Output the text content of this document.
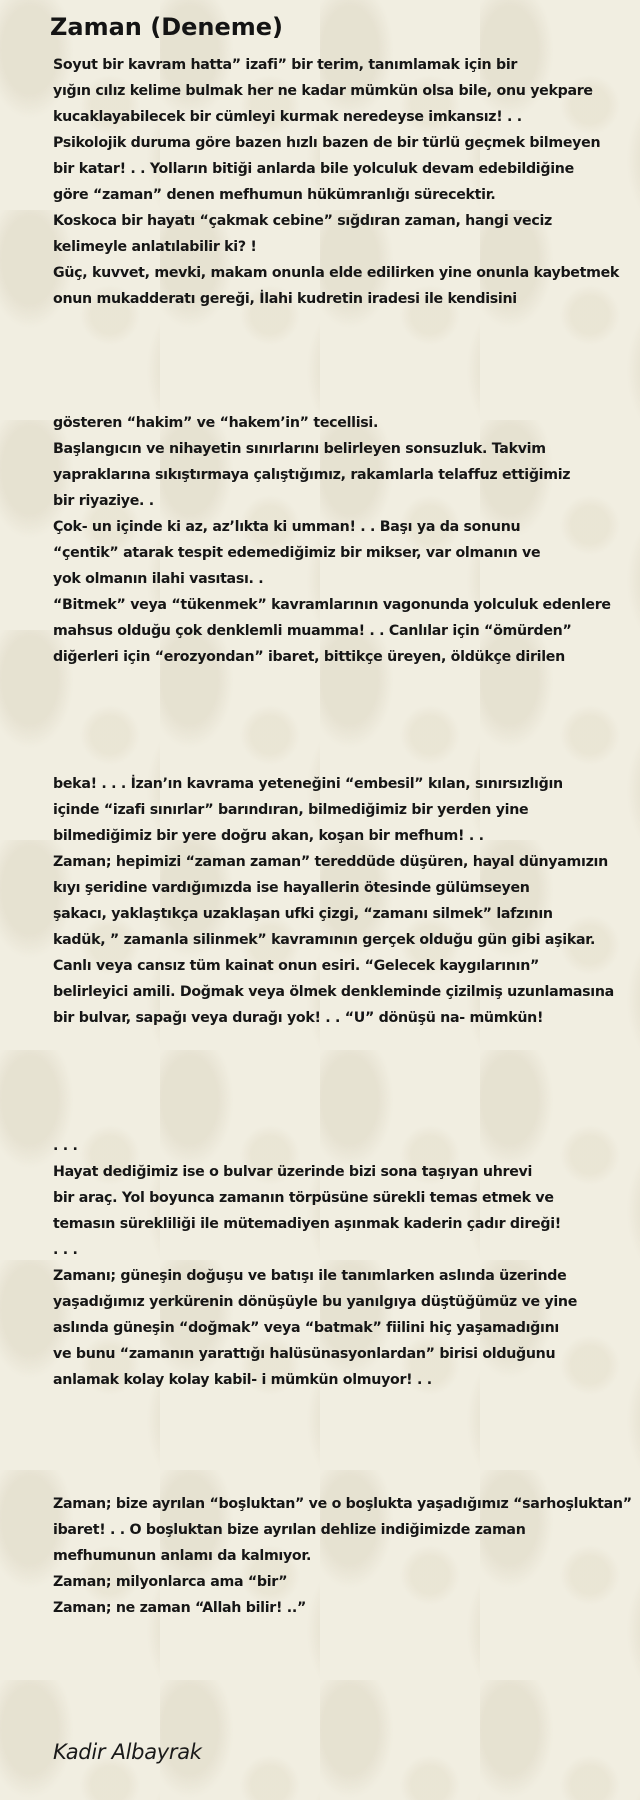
Zaman (Deneme)
Soyut bir kavram hatta” izafi” bir terim, tanımlamak için bir
yığın cılız kelime bulmak her ne kadar mümkün olsa bile, onu yekpare
kucaklayabilecek bir cümleyi kurmak neredeyse imkansız! . .
Psikolojik duruma göre bazen hızlı bazen de bir türlü geçmek bilmeyen
bir katar! . . Yolların bitiği anlarda bile yolculuk devam edebildiğine
göre “zaman” denen mefhumun hükümranlığı sürecektir.
Koskoca bir hayatı “çakmak cebine” sığdıran zaman, hangi veciz
kelimeyle anlatılabilir ki? !
Güç, kuvvet, mevki, makam onunla elde edilirken yine onunla kaybetmek
onun mukadderatı gereği, İlahi kudretin iradesi ile kendisini
gösteren “hakim” ve “hakem’in” tecellisi.
Başlangıcın ve nihayetin sınırlarını belirleyen sonsuzluk. Takvim
yapraklarına sıkıştırmaya çalıştığımız, rakamlarla telaffuz ettiğimiz
bir riyaziye. .
Çok- un içinde ki az, az’lıkta ki umman! . . Başı ya da sonunu
“çentik” atarak tespit edemediğimiz bir mikser, var olmanın ve
yok olmanın ilahi vasıtası. .
“Bitmek” veya “tükenmek” kavramlarının vagonunda yolculuk edenlere
mahsus olduğu çok denklemli muamma! . . Canlılar için “ömürden”
diğerleri için “erozyondan” ibaret, bittikçe üreyen, öldükçe dirilen
beka! . . . İzan’ın kavrama yeteneğini “embesil” kılan, sınırsızlığın
içinde “izafi sınırlar” barındıran, bilmediğimiz bir yerden yine
bilmediğimiz bir yere doğru akan, koşan bir mefhum! . .
Zaman; hepimizi “zaman zaman” tereddüde düşüren, hayal dünyamızın
kıyı şeridine vardığımızda ise hayallerin ötesinde gülümseyen
şakacı, yaklaştıkça uzaklaşan ufki çizgi, “zamanı silmek” lafzının
kadük, ” zamanla silinmek” kavramının gerçek olduğu gün gibi aşikar.
Canlı veya cansız tüm kainat onun esiri. “Gelecek kaygılarının”
belirleyici amili. Doğmak veya ölmek denkleminde çizilmiş uzunlamasına
bir bulvar, sapağı veya durağı yok! . . “U” dönüşü na- mümkün!
. . .
Hayat dediğimiz ise o bulvar üzerinde bizi sona taşıyan uhrevi
bir araç. Yol boyunca zamanın törpüsüne sürekli temas etmek ve
temasın sürekliliği ile mütemadiyen aşınmak kaderin çadır direği!
. . .
Zamanı; güneşin doğuşu ve batışı ile tanımlarken aslında üzerinde
yaşadığımız yerkürenin dönüşüyle bu yanılgıya düştüğümüz ve yine
aslında güneşin “doğmak” veya “batmak” fiilini hiç yaşamadığını
ve bunu “zamanın yarattığı halüsünasyonlardan” birisi olduğunu
anlamak kolay kolay kabil- i mümkün olmuyor! . .
Zaman; bize ayrılan “boşluktan” ve o boşlukta yaşadığımız “sarhoşluktan”
ibaret! . . O boşluktan bize ayrılan dehlize indiğimizde zaman
mefhumunun anlamı da kalmıyor.
Zaman; milyonlarca ama “bir”
Zaman; ne zaman “Allah bilir! ..”
Kadir Albayrak
